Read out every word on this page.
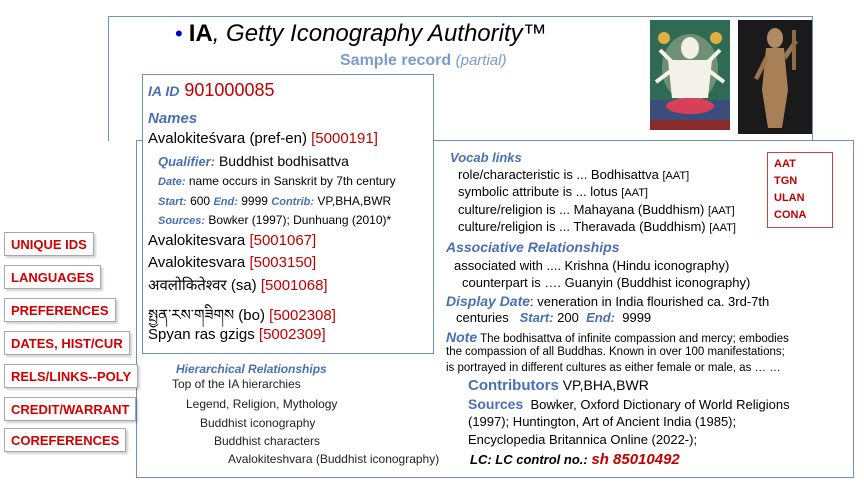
• IA, Getty Iconography Authority™
Sample record (partial)
IA ID 901000085
Names
Avalokiteśvara (pref-en) [5000191]
Qualifier: Buddhist bodhisattva
Date: name occurs in Sanskrit by 7th century
Start: 600 End: 9999 Contrib: VP,BHA,BWR
Sources: Bowker (1997); Dunhuang (2010)*
Avalokitesvara [5001067]
Avalokitesvara [5003150]
अवलोकितेश्वर (sa) [5001068]
སྤྱན་རས་གཟིགས (bo) [5002308]
Spyan ras gzigs [5002309]
Hierarchical Relationships
Top of the IA hierarchies
Legend, Religion, Mythology
Buddhist iconography
Buddhist characters
Avalokiteshvara (Buddhist iconography)
Vocab links
role/characteristic is ... Bodhisattva [AAT]
symbolic attribute is ... lotus [AAT]
culture/religion is ... Mahayana (Buddhism) [AAT]
culture/religion is ... Theravada (Buddhism) [AAT]
AAT
TGN
ULAN
CONA
Associative Relationships
associated with .... Krishna (Hindu iconography)
counterpart is …. Guanyin (Buddhist iconography)
Display Date: veneration in India flourished ca. 3rd-7th
centuries Start: 200 End: 9999
Note The bodhisattva of infinite compassion and mercy; embodies
the compassion of all Buddhas. Known in over 100 manifestations;
is portrayed in different cultures as either female or male, as … …
Contributors VP,BHA,BWR
Sources Bowker, Oxford Dictionary of World Religions
(1997); Huntington, Art of Ancient India (1985);
Encyclopedia Britannica Online (2022-);
LC: LC control no.: sh 85010492
UNIQUE IDS
LANGUAGES
PREFERENCES
DATES, HIST/CUR
RELS/LINKS--POLY
CREDIT/WARRANT
COREFERENCES
